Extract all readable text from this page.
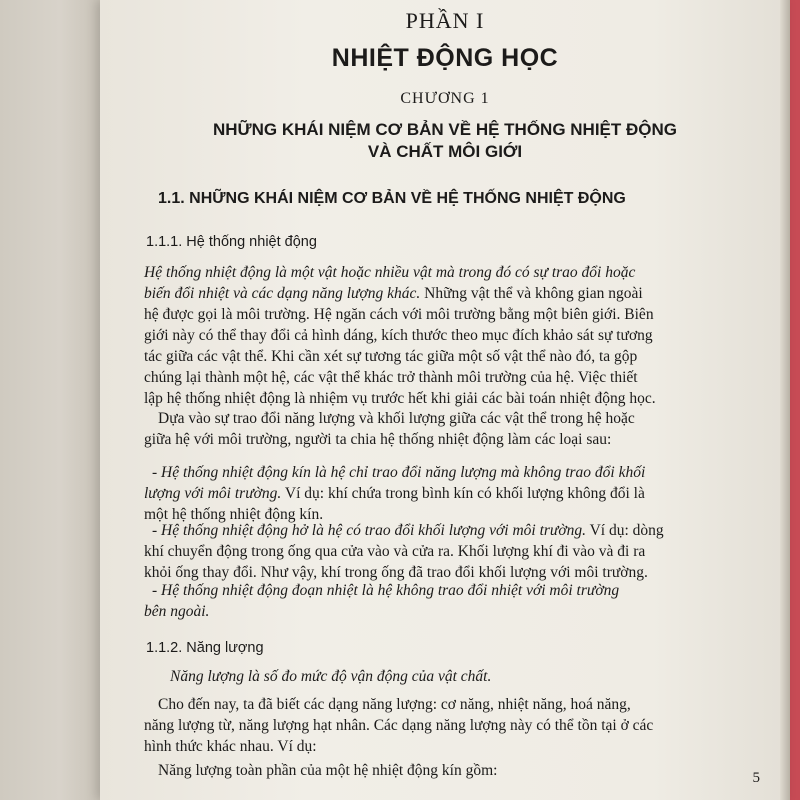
PHẦN I
NHIỆT ĐỘNG HỌC
CHƯƠNG 1
NHỮNG KHÁI NIỆM CƠ BẢN VỀ HỆ THỐNG NHIỆT ĐỘNG
VÀ CHẤT MÔI GIỚI
1.1. NHỮNG KHÁI NIỆM CƠ BẢN VỀ HỆ THỐNG NHIỆT ĐỘNG
1.1.1. Hệ thống nhiệt động
Hệ thống nhiệt động là một vật hoặc nhiều vật mà trong đó có sự trao đổi hoặc
biến đổi nhiệt và các dạng năng lượng khác. Những vật thể và không gian ngoài
hệ được gọi là môi trường. Hệ ngăn cách với môi trường bằng một biên giới. Biên
giới này có thể thay đổi cả hình dáng, kích thước theo mục đích khảo sát sự tương
tác giữa các vật thể. Khi cần xét sự tương tác giữa một số vật thể nào đó, ta gộp
chúng lại thành một hệ, các vật thể khác trở thành môi trường của hệ. Việc thiết
lập hệ thống nhiệt động là nhiệm vụ trước hết khi giải các bài toán nhiệt động học.
Dựa vào sự trao đổi năng lượng và khối lượng giữa các vật thể trong hệ hoặc
giữa hệ với môi trường, người ta chia hệ thống nhiệt động làm các loại sau:
- Hệ thống nhiệt động kín là hệ chỉ trao đổi năng lượng mà không trao đổi khối
lượng với môi trường. Ví dụ: khí chứa trong bình kín có khối lượng không đổi là
một hệ thống nhiệt động kín.
- Hệ thống nhiệt động hở là hệ có trao đổi khối lượng với môi trường. Ví dụ: dòng
khí chuyển động trong ống qua cửa vào và cửa ra. Khối lượng khí đi vào và đi ra
khỏi ống thay đổi. Như vậy, khí trong ống đã trao đổi khối lượng với môi trường.
- Hệ thống nhiệt động đoạn nhiệt là hệ không trao đổi nhiệt với môi trường
bên ngoài.
1.1.2. Năng lượng
Năng lượng là số đo mức độ vận động của vật chất.
Cho đến nay, ta đã biết các dạng năng lượng: cơ năng, nhiệt năng, hoá năng,
năng lượng từ, năng lượng hạt nhân. Các dạng năng lượng này có thể tồn tại ở các
hình thức khác nhau. Ví dụ:
Năng lượng toàn phần của một hệ nhiệt động kín gồm:	5
